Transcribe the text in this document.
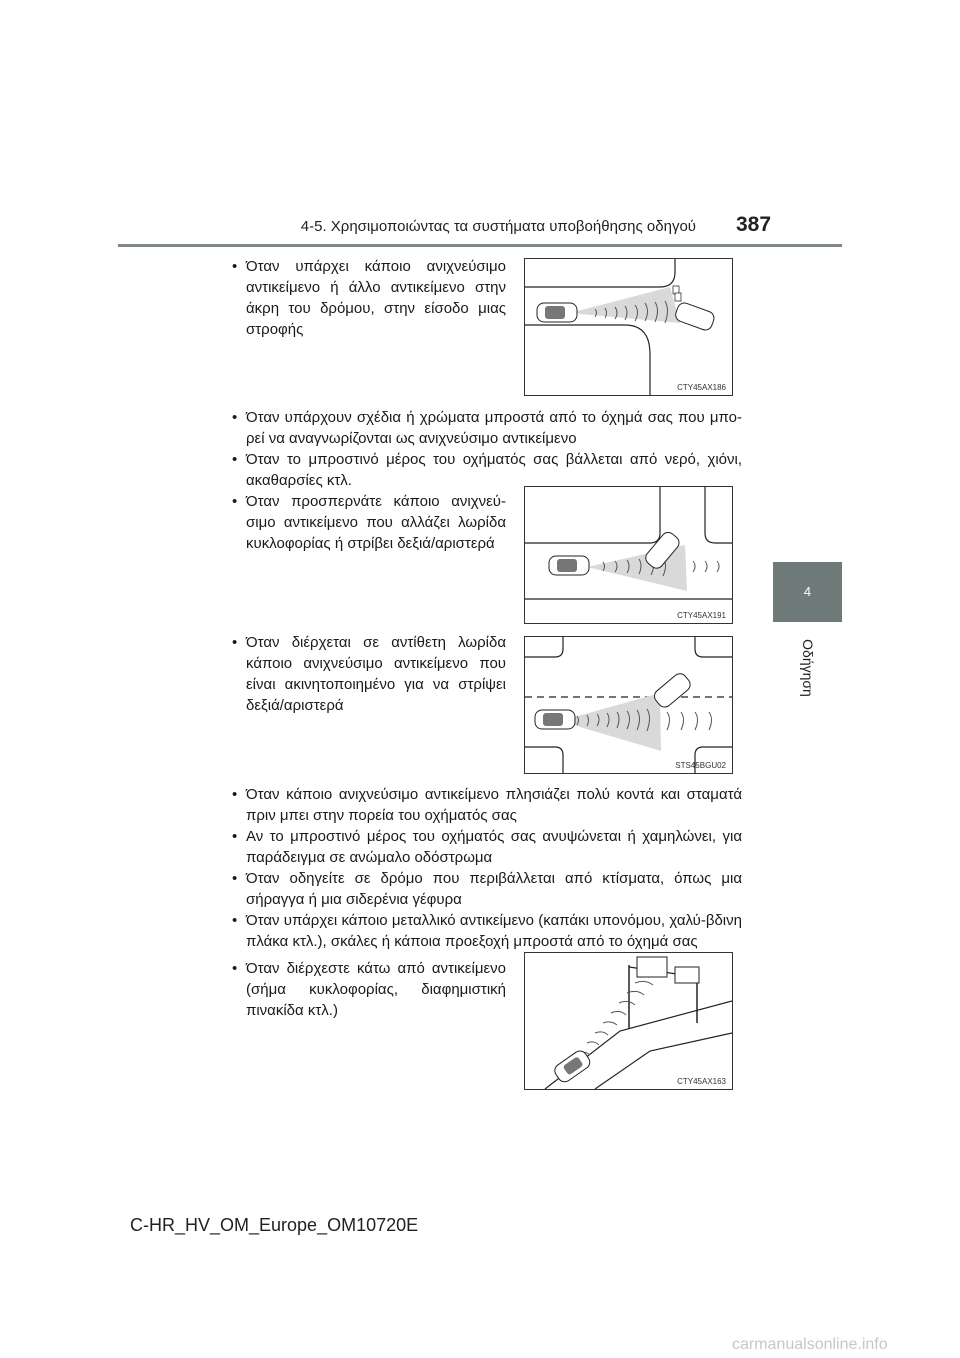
4-5. Χρησιμοποιώντας τα συστήματα υποβοήθησης οδηγού 387
4
Οδήγηση
• Όταν υπάρχει κάποιο ανιχνεύσιμο αντικείμενο ή άλλο αντικείμενο στην άκρη του δρόμου, στην είσοδο μιας στροφής
CTY45AX186
• Όταν υπάρχουν σχέδια ή χρώματα μπροστά από το όχημά σας που μπο-ρεί να αναγνωρίζονται ως ανιχνεύσιμο αντικείμενο
• Όταν το μπροστινό μέρος του οχήματός σας βάλλεται από νερό, χιόνι, ακαθαρσίες κτλ.
• Όταν προσπερνάτε κάποιο ανιχνεύ-σιμο αντικείμενο που αλλάζει λωρίδα κυκλοφορίας ή στρίβει δεξιά/αριστερά
CTY45AX191
• Όταν διέρχεται σε αντίθετη λωρίδα κάποιο ανιχνεύσιμο αντικείμενο που είναι ακινητοποιημένο για να στρίψει δεξιά/αριστερά
STS45BGU02
• Όταν κάποιο ανιχνεύσιμο αντικείμενο πλησιάζει πολύ κοντά και σταματά πριν μπει στην πορεία του οχήματός σας
• Αν το μπροστινό μέρος του οχήματός σας ανυψώνεται ή χαμηλώνει, για παράδειγμα σε ανώμαλο οδόστρωμα
• Όταν οδηγείτε σε δρόμο που περιβάλλεται από κτίσματα, όπως μια σήραγγα ή μια σιδερένια γέφυρα
• Όταν υπάρχει κάποιο μεταλλικό αντικείμενο (καπάκι υπονόμου, χαλύ-βδινη πλάκα κτλ.), σκάλες ή κάποια προεξοχή μπροστά από το όχημά σας
• Όταν διέρχεστε κάτω από αντικείμενο (σήμα κυκλοφορίας, διαφημιστική πινακίδα κτλ.)
CTY45AX163
C-HR_HV_OM_Europe_OM10720E
carmanualsonline.info
